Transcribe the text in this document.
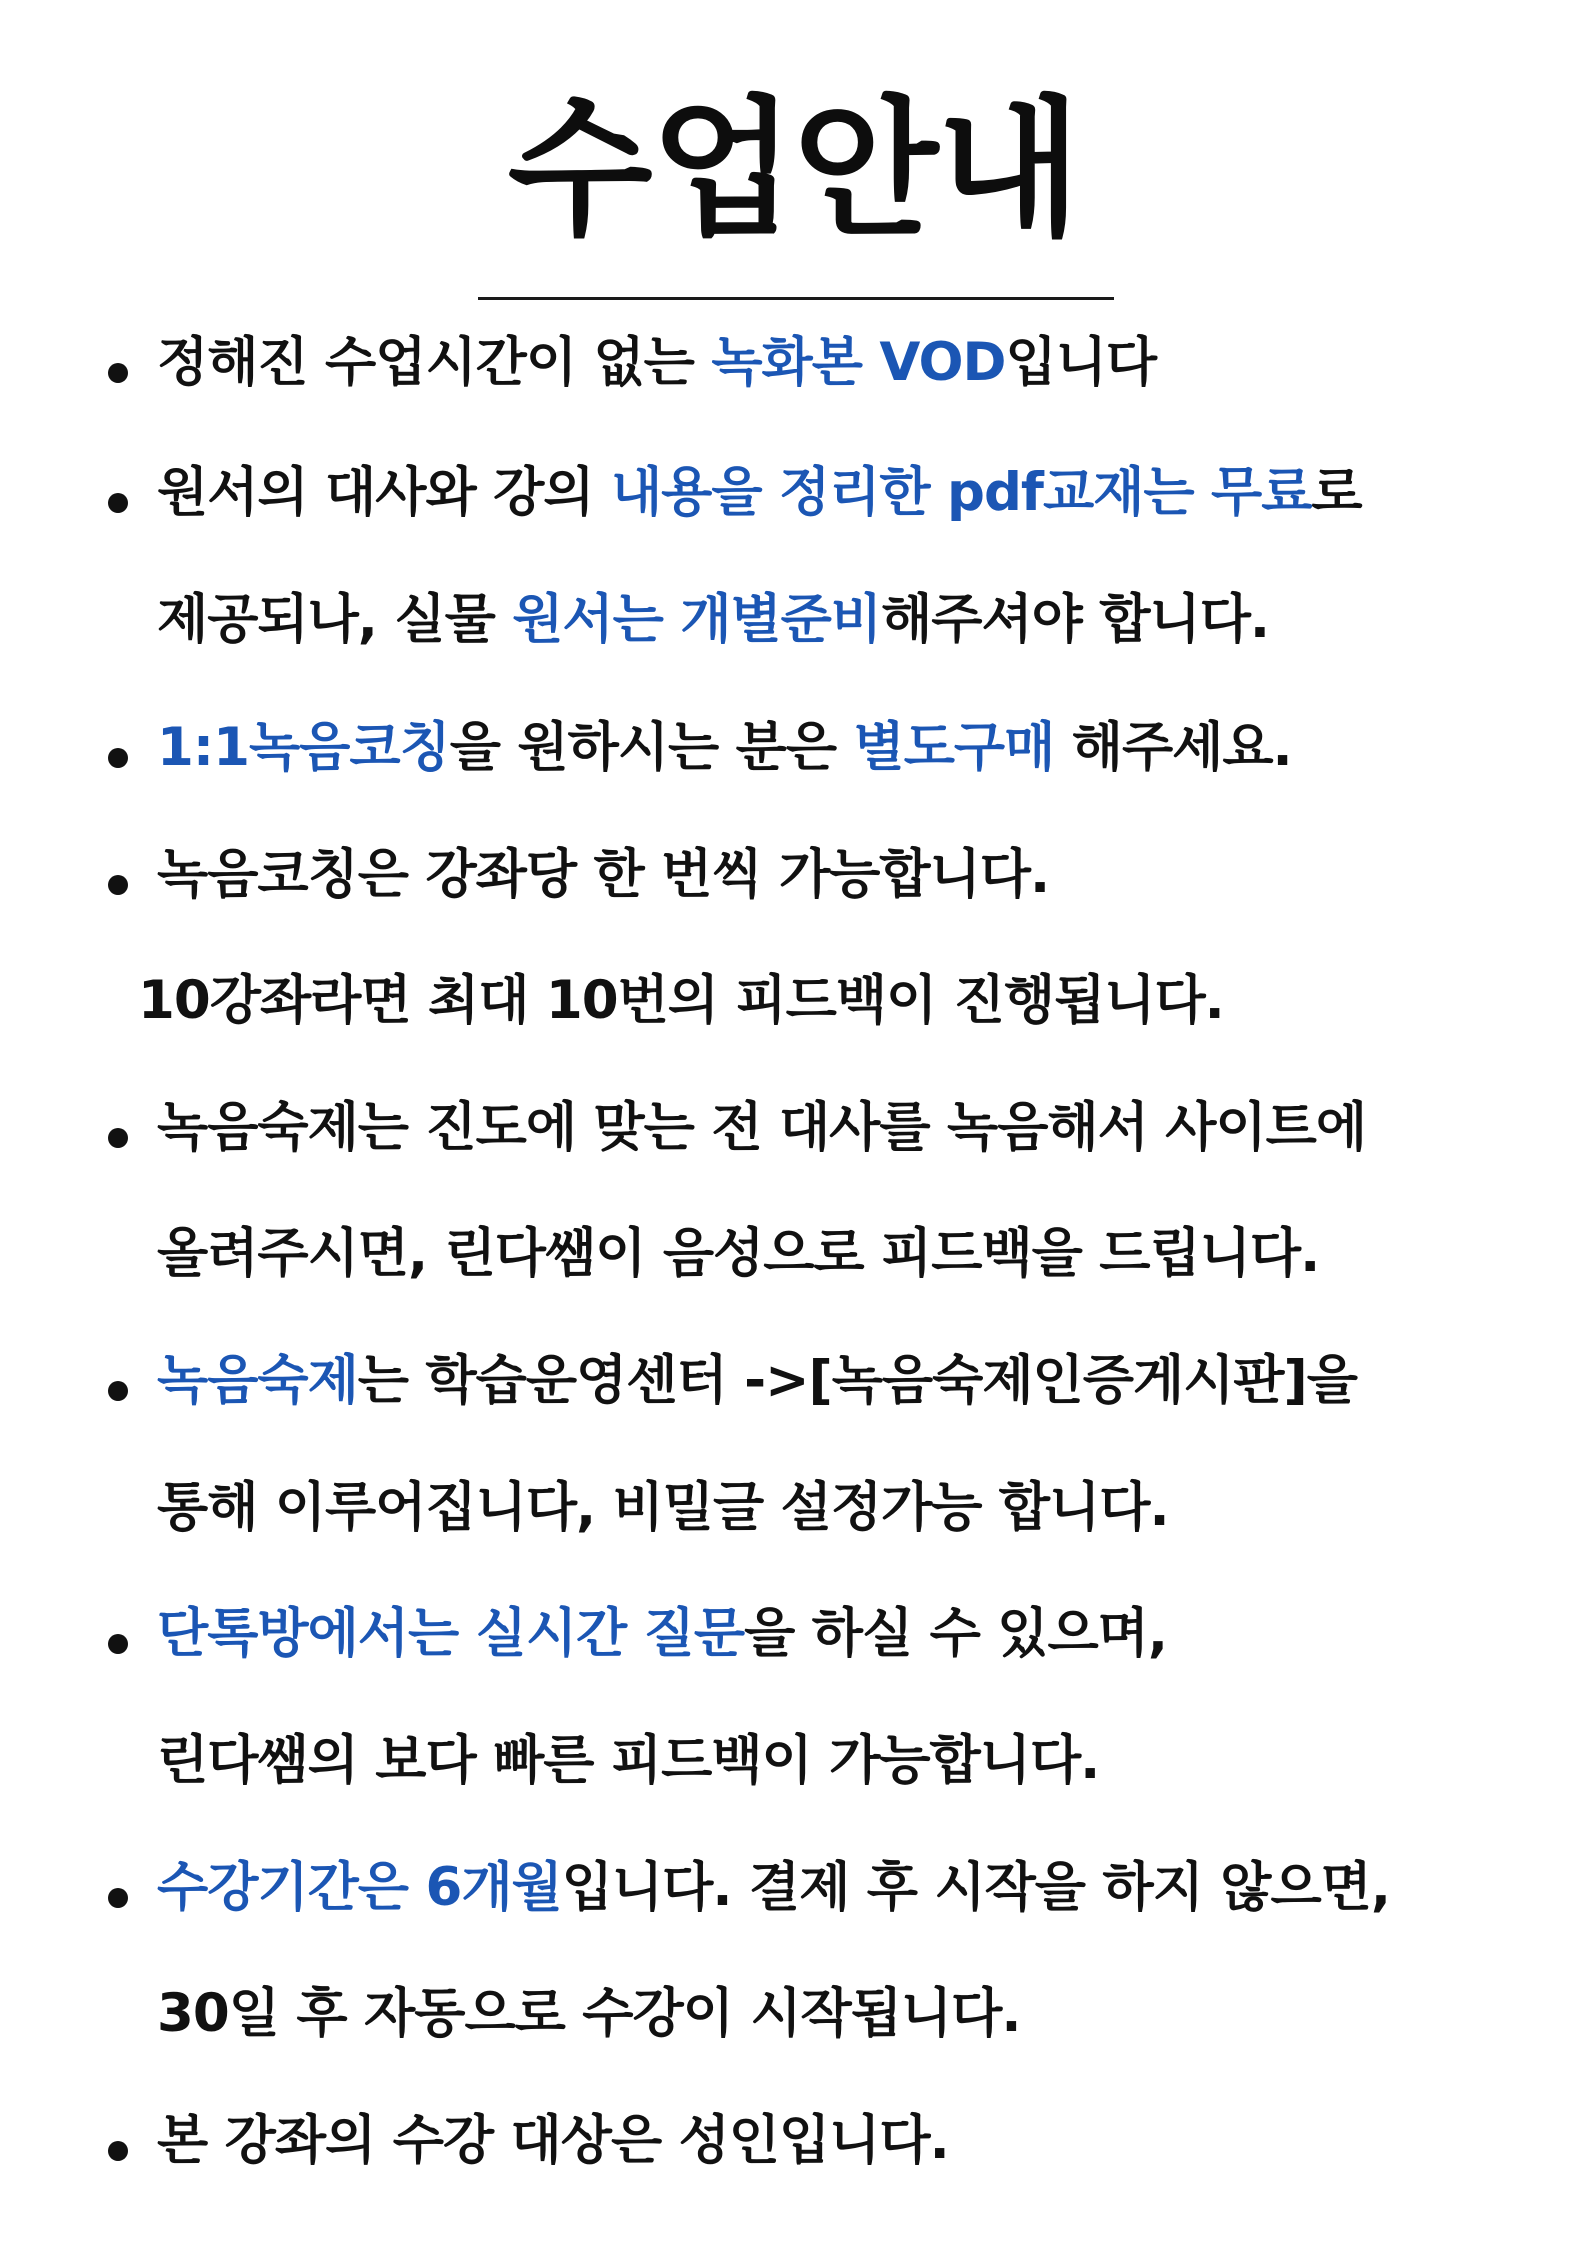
수업안내
정해진 수업시간이 없는 녹화본 VOD입니다
원서의 대사와 강의 내용을 정리한 pdf교재는 무료로
제공되나, 실물 원서는 개별준비해주셔야 합니다.
1:1녹음코칭을 원하시는 분은 별도구매 해주세요.
녹음코칭은 강좌당 한 번씩 가능합니다.
10강좌라면 최대 10번의 피드백이 진행됩니다.
녹음숙제는 진도에 맞는 전 대사를 녹음해서 사이트에
올려주시면, 린다쌤이 음성으로 피드백을 드립니다.
녹음숙제는 학습운영센터 ->[녹음숙제인증게시판]을
통해 이루어집니다, 비밀글 설정가능 합니다.
단톡방에서는 실시간 질문을 하실 수 있으며,
린다쌤의 보다 빠른 피드백이 가능합니다.
수강기간은 6개월입니다. 결제 후 시작을 하지 않으면,
30일 후 자동으로 수강이 시작됩니다.
본 강좌의 수강 대상은 성인입니다.
